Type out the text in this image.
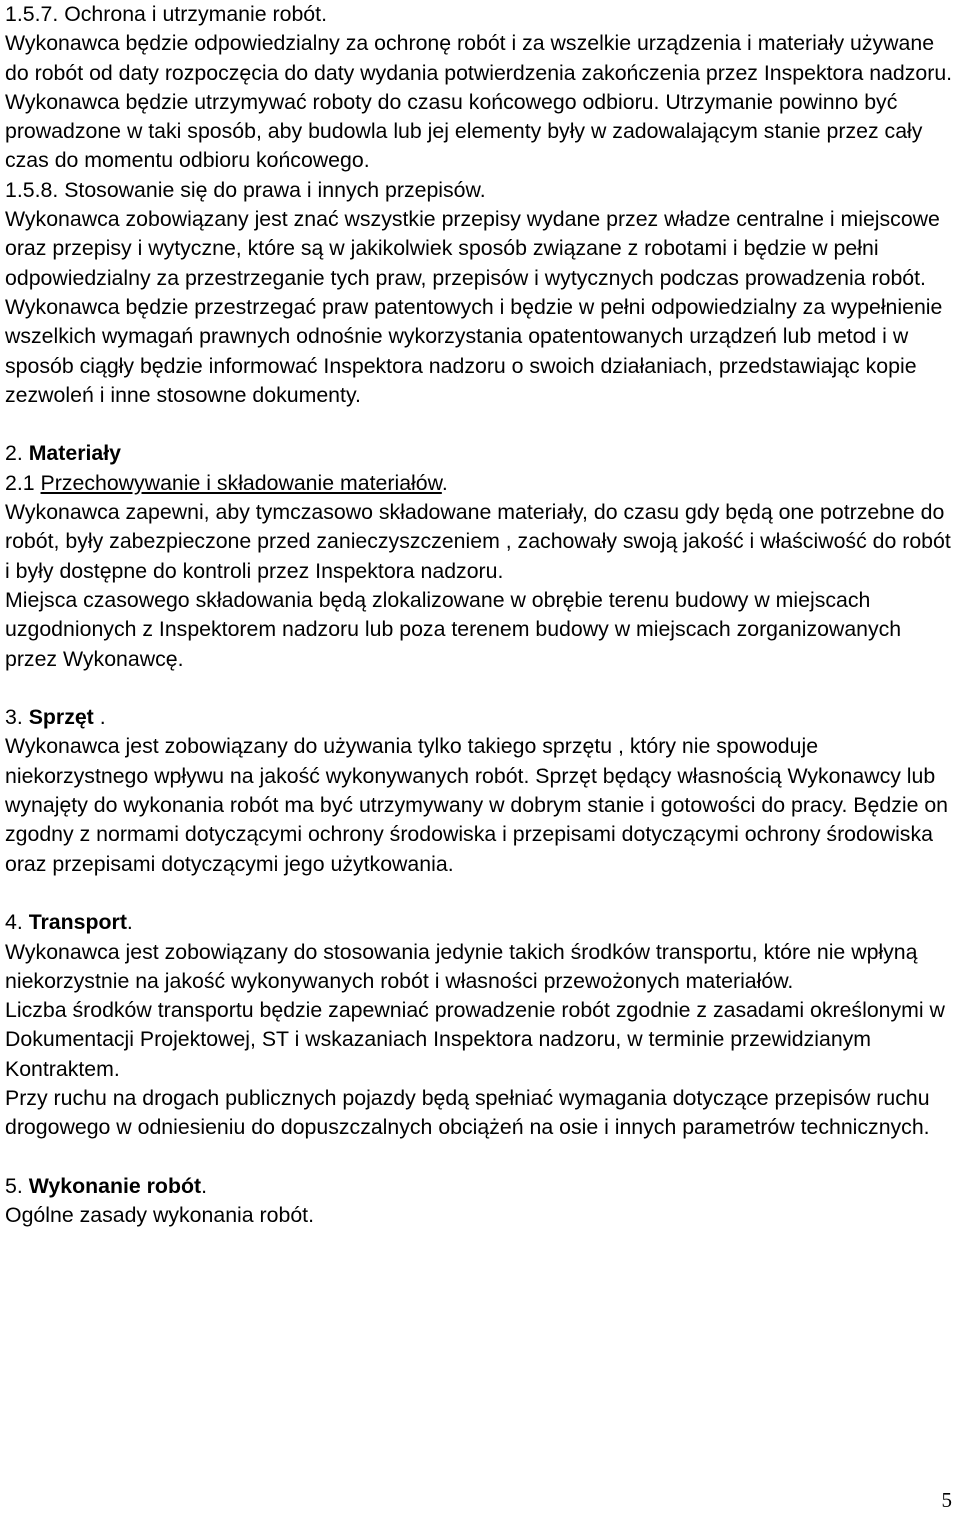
1.5.7. Ochrona i utrzymanie robót.

Wykonawca będzie odpowiedzialny za ochronę robót i za wszelkie urządzenia i materiały używane do robót od daty rozpoczęcia do daty wydania potwierdzenia zakończenia przez Inspektora nadzoru.

Wykonawca będzie utrzymywać roboty do czasu końcowego odbioru. Utrzymanie powinno być prowadzone w taki sposób, aby budowla lub jej elementy były w zadowalającym stanie przez cały czas do momentu odbioru końcowego.

1.5.8. Stosowanie się do prawa i innych przepisów.

Wykonawca zobowiązany jest znać wszystkie przepisy wydane przez władze centralne i miejscowe oraz przepisy i wytyczne, które są w jakikolwiek sposób związane z robotami i będzie w pełni odpowiedzialny za przestrzeganie tych praw, przepisów i wytycznych podczas prowadzenia robót.

Wykonawca będzie przestrzegać praw patentowych i będzie w pełni odpowiedzialny za wypełnienie wszelkich wymagań prawnych odnośnie wykorzystania opatentowanych urządzeń lub metod i w sposób ciągły będzie informować Inspektora nadzoru o swoich działaniach, przedstawiając kopie zezwoleń i inne stosowne dokumenty.

2. Materiały

2.1 Przechowywanie i składowanie materiałów.

Wykonawca zapewni, aby tymczasowo składowane materiały, do czasu gdy będą one potrzebne do robót, były zabezpieczone przed zanieczyszczeniem , zachowały swoją jakość i właściwość do robót i były dostępne do kontroli przez Inspektora nadzoru.

Miejsca czasowego składowania będą zlokalizowane w obrębie terenu budowy w miejscach uzgodnionych z Inspektorem nadzoru lub poza terenem budowy w miejscach zorganizowanych przez Wykonawcę.

3. Sprzęt .

Wykonawca jest zobowiązany do używania tylko takiego sprzętu , który nie spowoduje niekorzystnego wpływu na jakość wykonywanych robót. Sprzęt będący własnością Wykonawcy lub wynajęty do wykonania robót ma być utrzymywany w dobrym stanie i gotowości do pracy. Będzie on zgodny z normami dotyczącymi ochrony środowiska i przepisami dotyczącymi ochrony środowiska oraz przepisami dotyczącymi jego użytkowania.

4. Transport.

Wykonawca jest zobowiązany do stosowania jedynie takich środków transportu, które nie wpłyną niekorzystnie na jakość wykonywanych robót i własności przewożonych materiałów.

Liczba środków transportu będzie zapewniać prowadzenie robót zgodnie z zasadami określonymi w Dokumentacji Projektowej, ST i wskazaniach Inspektora nadzoru, w terminie przewidzianym Kontraktem.

Przy ruchu na drogach publicznych pojazdy będą spełniać wymagania dotyczące przepisów ruchu drogowego w odniesieniu do dopuszczalnych obciążeń na osie i innych parametrów technicznych.

5. Wykonanie robót.

Ogólne zasady wykonania robót.

5
